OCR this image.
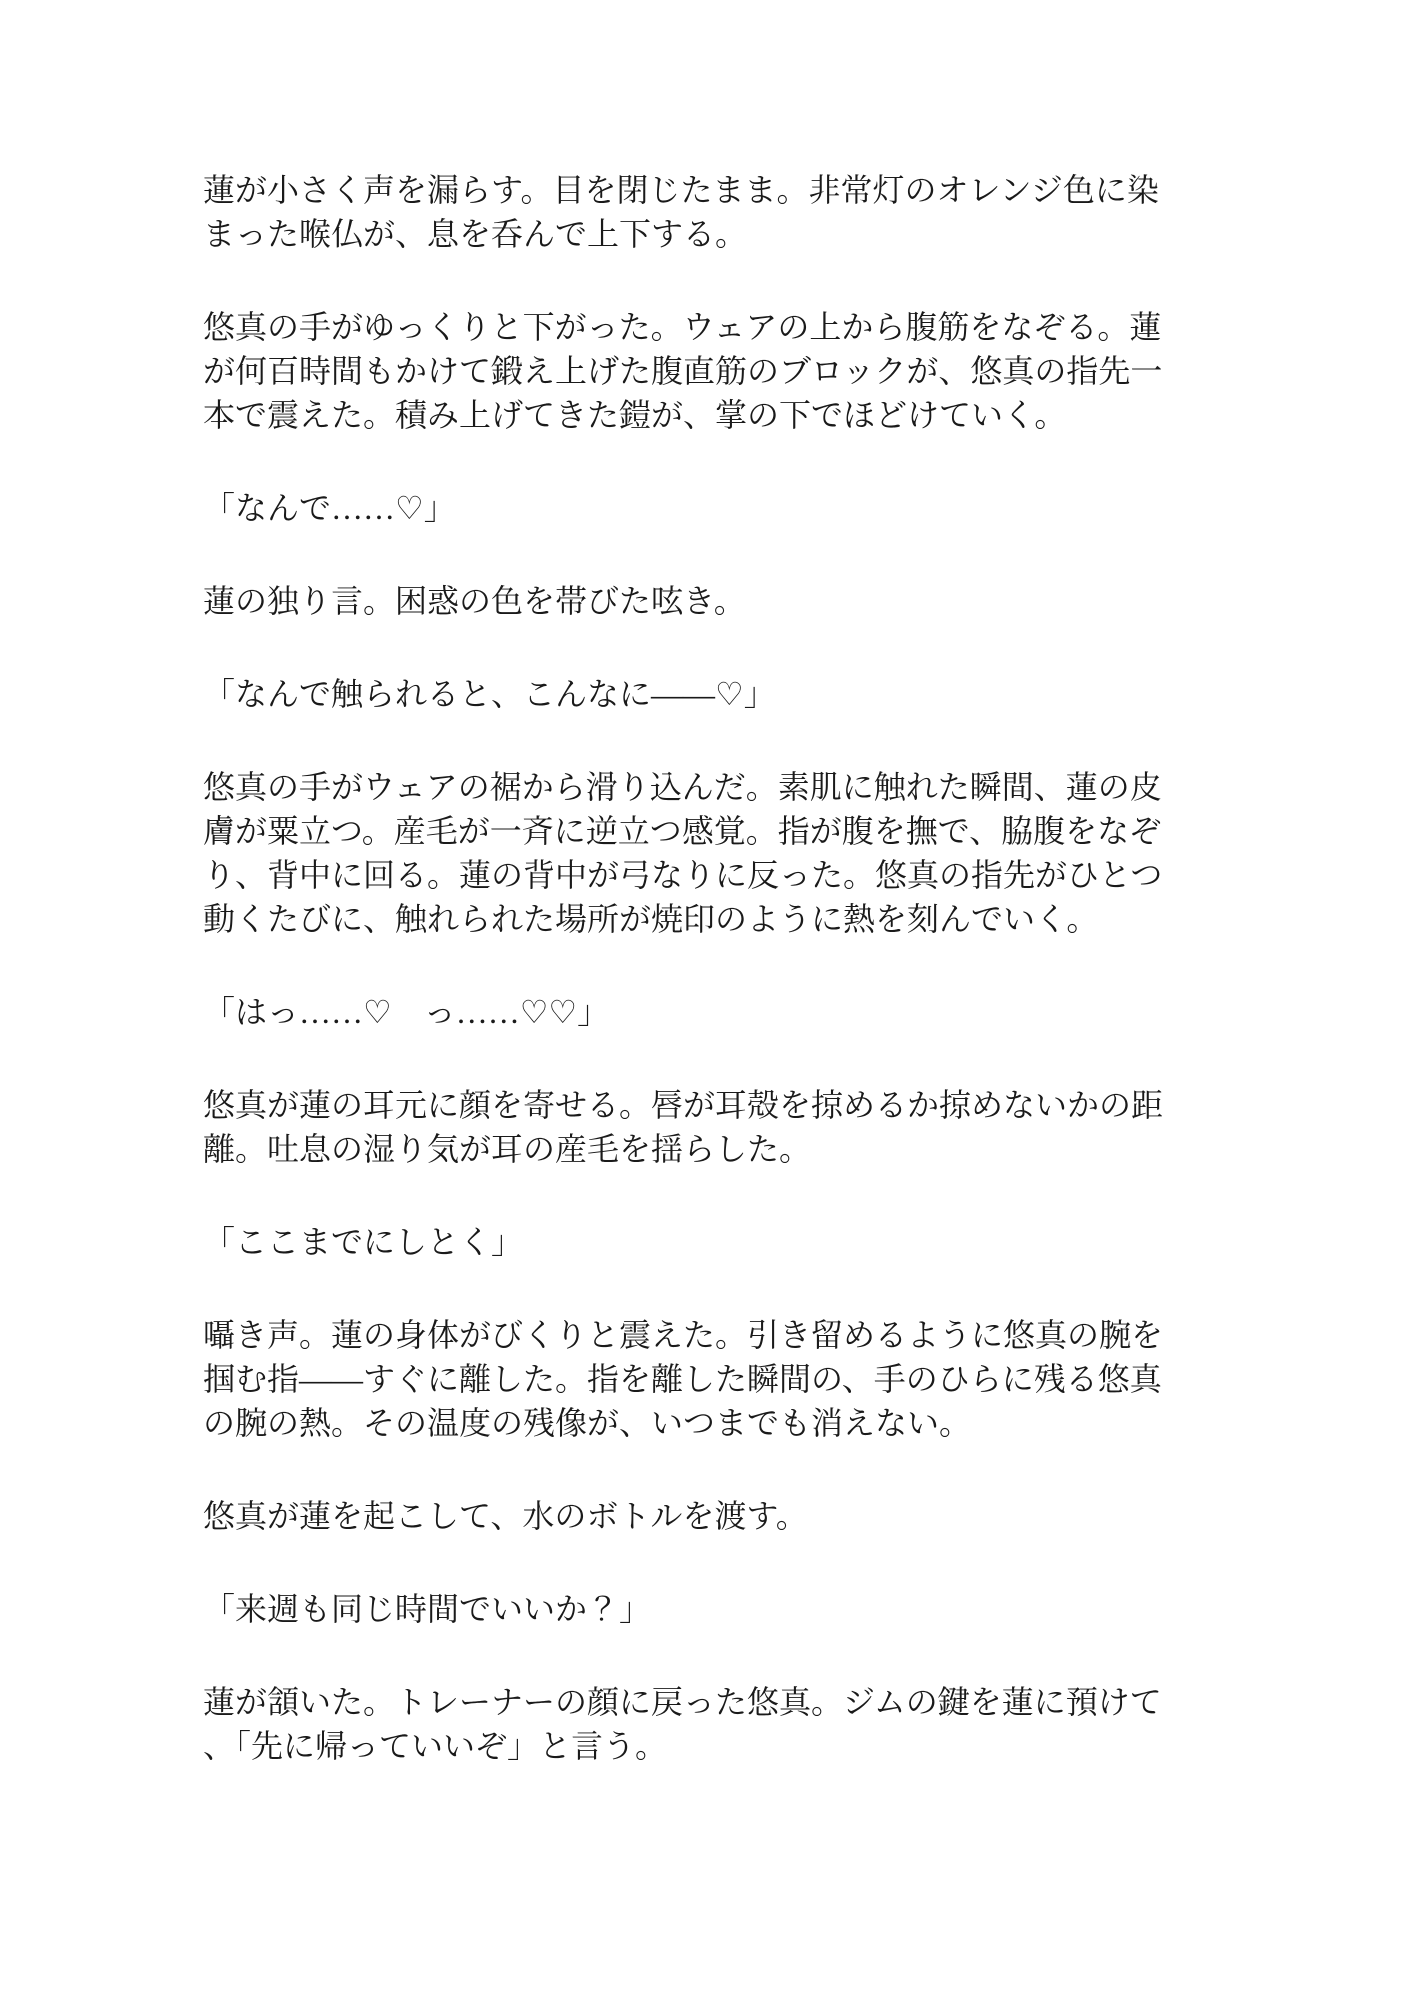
蓮が小さく声を漏らす。目を閉じたまま。非常灯のオレンジ色に染
まった喉仏が、息を呑んで上下する。

悠真の手がゆっくりと下がった。ウェアの上から腹筋をなぞる。蓮
が何百時間もかけて鍛え上げた腹直筋のブロックが、悠真の指先一
本で震えた。積み上げてきた鎧が、掌の下でほどけていく。

「なんで……♡」

蓮の独り言。困惑の色を帯びた呟き。

「なんで触られると、こんなに――♡」

悠真の手がウェアの裾から滑り込んだ。素肌に触れた瞬間、蓮の皮
膚が粟立つ。産毛が一斉に逆立つ感覚。指が腹を撫で、脇腹をなぞ
り、背中に回る。蓮の背中が弓なりに反った。悠真の指先がひとつ
動くたびに、触れられた場所が焼印のように熱を刻んでいく。

「はっ……♡　っ……♡♡」

悠真が蓮の耳元に顔を寄せる。唇が耳殻を掠めるか掠めないかの距
離。吐息の湿り気が耳の産毛を揺らした。

「ここまでにしとく」

囁き声。蓮の身体がびくりと震えた。引き留めるように悠真の腕を
掴む指――すぐに離した。指を離した瞬間の、手のひらに残る悠真
の腕の熱。その温度の残像が、いつまでも消えない。

悠真が蓮を起こして、水のボトルを渡す。

「来週も同じ時間でいいか？」

蓮が頷いた。トレーナーの顔に戻った悠真。ジムの鍵を蓮に預けて
、「先に帰っていいぞ」と言う。
